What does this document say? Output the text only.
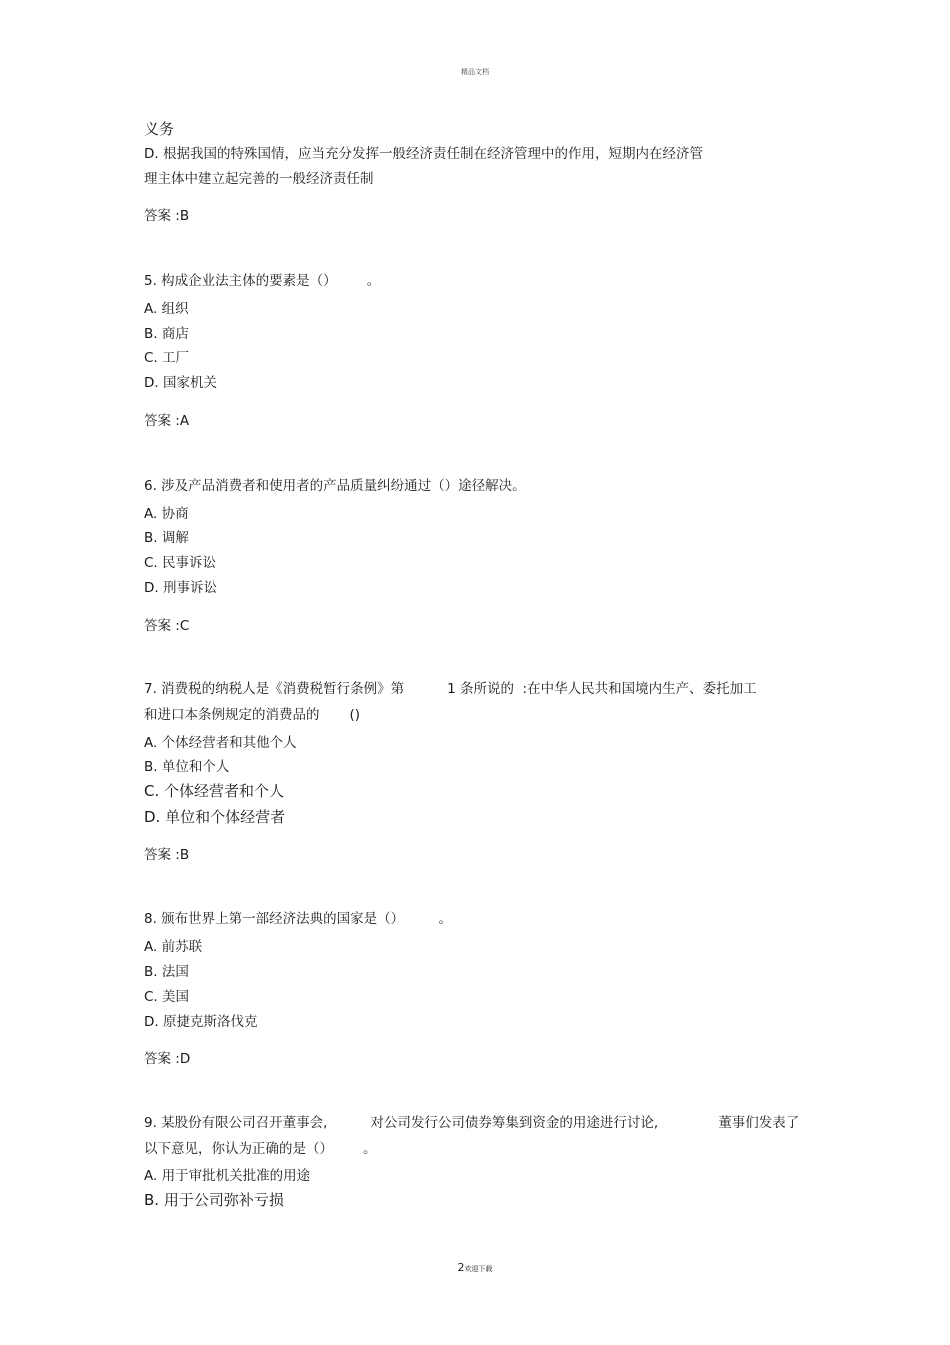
精品文档
义务
D. 根据我国的特殊国情，应当充分发挥一般经济责任制在经济管理中的作用，短期内在经济管
理主体中建立起完善的一般经济责任制
答案 :B
5. 构成企业法主体的要素是（）       。
A. 组织
B. 商店
C. 工厂
D. 国家机关
答案 :A
6. 涉及产品消费者和使用者的产品质量纠纷通过（）途径解决。
A. 协商
B. 调解
C. 民事诉讼
D. 刑事诉讼
答案 :C
7. 消费税的纳税人是《消费税暂行条例》第          1 条所说的  :在中华人民共和国境内生产、委托加工
和进口本条例规定的消费品的       ()
A. 个体经营者和其他个人
B. 单位和个人
C. 个体经营者和个人
D. 单位和个体经营者
答案 :B
8. 颁布世界上第一部经济法典的国家是（）        。
A. 前苏联
B. 法国
C. 美国
D. 原捷克斯洛伐克
答案 :D
9. 某股份有限公司召开董事会,          对公司发行公司债券筹集到资金的用途进行讨论,              董事们发表了
以下意见，你认为正确的是（）       。
A. 用于审批机关批准的用途
B. 用于公司弥补亏损
2欢迎下载
